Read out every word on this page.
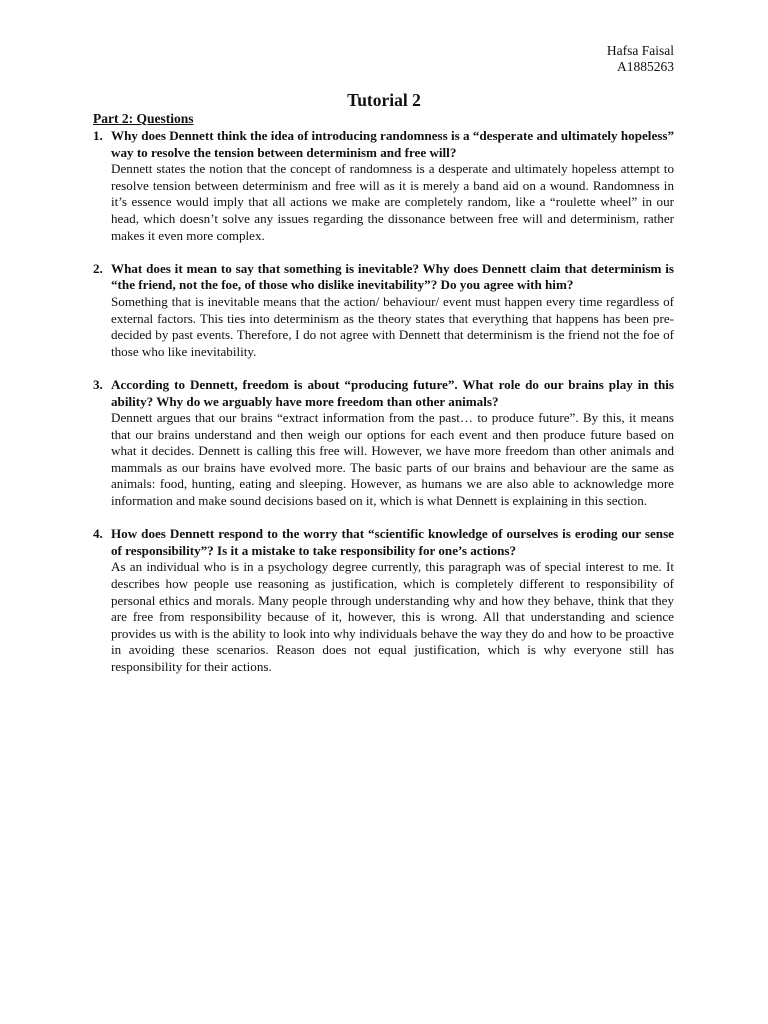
Hafsa Faisal
A1885263
Tutorial 2
Part 2: Questions
1. Why does Dennett think the idea of introducing randomness is a “desperate and ultimately hopeless” way to resolve the tension between determinism and free will?
Dennett states the notion that the concept of randomness is a desperate and ultimately hopeless attempt to resolve tension between determinism and free will as it is merely a band aid on a wound. Randomness in it’s essence would imply that all actions we make are completely random, like a “roulette wheel” in our head, which doesn’t solve any issues regarding the dissonance between free will and determinism, rather makes it even more complex.
2. What does it mean to say that something is inevitable? Why does Dennett claim that determinism is “the friend, not the foe, of those who dislike inevitability”? Do you agree with him?
Something that is inevitable means that the action/ behaviour/ event must happen every time regardless of external factors. This ties into determinism as the theory states that everything that happens has been pre-decided by past events. Therefore, I do not agree with Dennett that determinism is the friend not the foe of those who like inevitability.
3. According to Dennett, freedom is about “producing future”. What role do our brains play in this ability? Why do we arguably have more freedom than other animals?
Dennett argues that our brains “extract information from the past… to produce future”. By this, it means that our brains understand and then weigh our options for each event and then produce future based on what it decides. Dennett is calling this free will. However, we have more freedom than other animals and mammals as our brains have evolved more. The basic parts of our brains and behaviour are the same as animals: food, hunting, eating and sleeping. However, as humans we are also able to acknowledge more information and make sound decisions based on it, which is what Dennett is explaining in this section.
4. How does Dennett respond to the worry that “scientific knowledge of ourselves is eroding our sense of responsibility”? Is it a mistake to take responsibility for one’s actions?
As an individual who is in a psychology degree currently, this paragraph was of special interest to me. It describes how people use reasoning as justification, which is completely different to responsibility of personal ethics and morals. Many people through understanding why and how they behave, think that they are free from responsibility because of it, however, this is wrong. All that understanding and science provides us with is the ability to look into why individuals behave the way they do and how to be proactive in avoiding these scenarios. Reason does not equal justification, which is why everyone still has responsibility for their actions.
